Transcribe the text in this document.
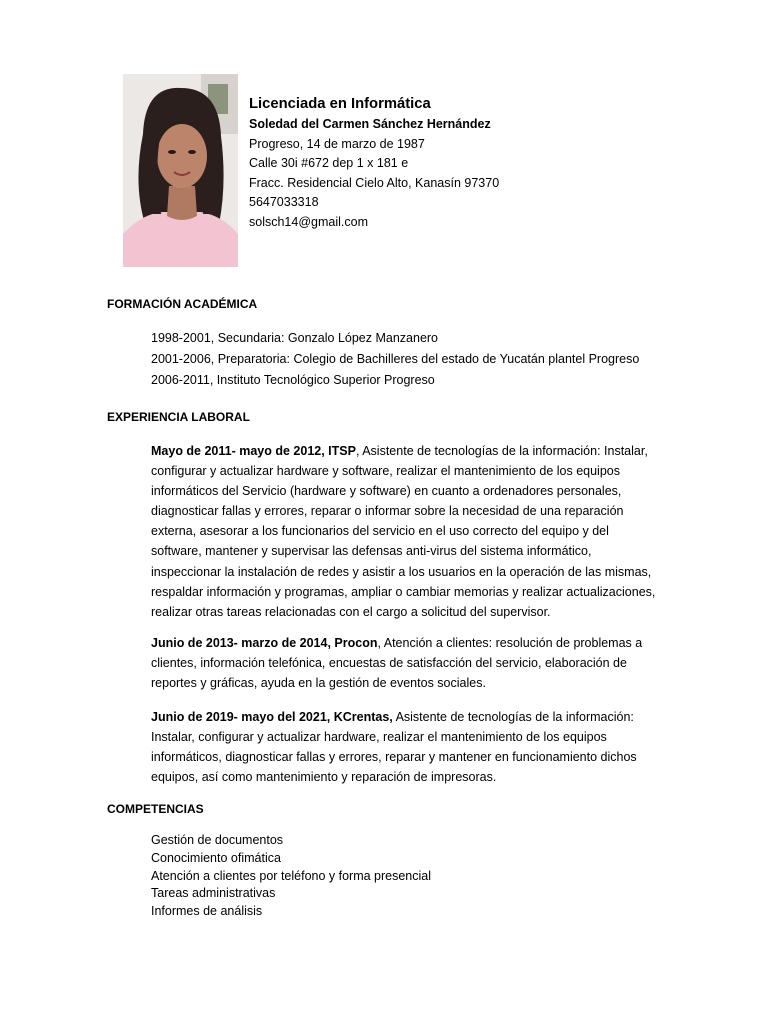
Licenciada en Informática
Soledad del Carmen Sánchez Hernández
Progreso, 14 de marzo de 1987
Calle 30i #672 dep 1 x 181 e
Fracc. Residencial Cielo Alto, Kanasín 97370
5647033318
solsch14@gmail.com
FORMACIÓN ACADÉMICA
1998-2001, Secundaria: Gonzalo López Manzanero
2001-2006, Preparatoria: Colegio de Bachilleres del estado de Yucatán plantel Progreso
2006-2011, Instituto Tecnológico Superior Progreso
EXPERIENCIA LABORAL
Mayo de 2011- mayo de 2012, ITSP, Asistente de tecnologías de la información: Instalar,
configurar y actualizar hardware y software, realizar el mantenimiento de los equipos
informáticos del Servicio (hardware y software) en cuanto a ordenadores personales,
diagnosticar fallas y errores, reparar o informar sobre la necesidad de una reparación
externa, asesorar a los funcionarios del servicio en el uso correcto del equipo y del
software, mantener y supervisar las defensas anti-virus del sistema informático,
inspeccionar la instalación de redes y asistir a los usuarios en la operación de las mismas,
respaldar información y programas, ampliar o cambiar memorias y realizar actualizaciones,
realizar otras tareas relacionadas con el cargo a solicitud del supervisor.
Junio de 2013- marzo de 2014, Procon, Atención a clientes: resolución de problemas a
clientes, información telefónica, encuestas de satisfacción del servicio, elaboración de
reportes y gráficas, ayuda en la gestión de eventos sociales.
Junio de 2019- mayo del 2021, KCrentas, Asistente de tecnologías de la información:
Instalar, configurar y actualizar hardware, realizar el mantenimiento de los equipos
informáticos, diagnosticar fallas y errores, reparar y mantener en funcionamiento dichos
equipos, así como mantenimiento y reparación de impresoras.
COMPETENCIAS
Gestión de documentos
Conocimiento ofimática
Atención a clientes por teléfono y forma presencial
Tareas administrativas
Informes de análisis
